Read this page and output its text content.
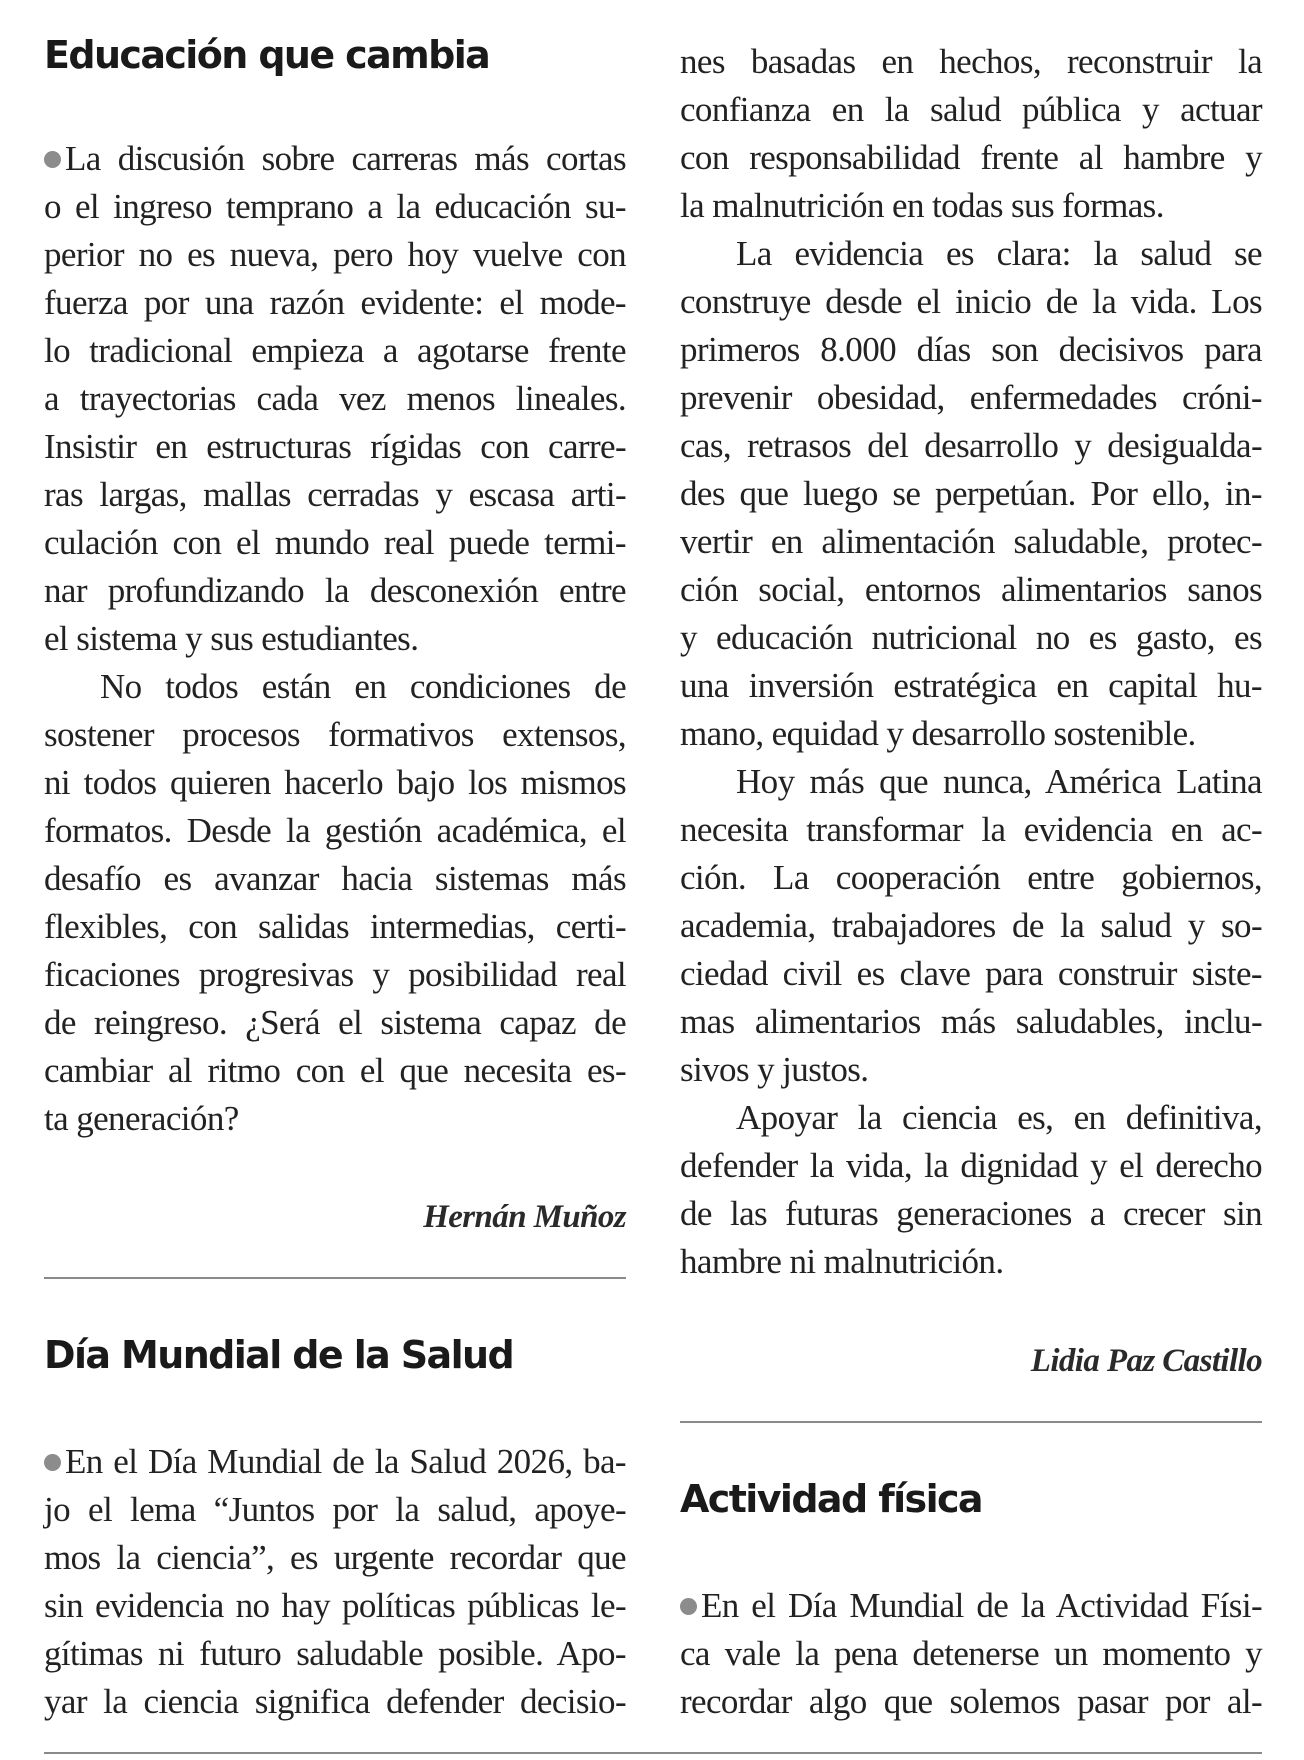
Educación que cambia
La discusión sobre carreras más cortas
o el ingreso temprano a la educación su-
perior no es nueva, pero hoy vuelve con
fuerza por una razón evidente: el mode-
lo tradicional empieza a agotarse frente
a trayectorias cada vez menos lineales.
Insistir en estructuras rígidas con carre-
ras largas, mallas cerradas y escasa arti-
culación con el mundo real puede termi-
nar profundizando la desconexión entre
el sistema y sus estudiantes.
No todos están en condiciones de
sostener procesos formativos extensos,
ni todos quieren hacerlo bajo los mismos
formatos. Desde la gestión académica, el
desafío es avanzar hacia sistemas más
flexibles, con salidas intermedias, certi-
ficaciones progresivas y posibilidad real
de reingreso. ¿Será el sistema capaz de
cambiar al ritmo con el que necesita es-
ta generación?
Hernán Muñoz
Día Mundial de la Salud
En el Día Mundial de la Salud 2026, ba-
jo el lema “Juntos por la salud, apoye-
mos la ciencia”, es urgente recordar que
sin evidencia no hay políticas públicas le-
gítimas ni futuro saludable posible. Apo-
yar la ciencia significa defender decisio-
nes basadas en hechos, reconstruir la
confianza en la salud pública y actuar
con responsabilidad frente al hambre y
la malnutrición en todas sus formas.
La evidencia es clara: la salud se
construye desde el inicio de la vida. Los
primeros 8.000 días son decisivos para
prevenir obesidad, enfermedades cróni-
cas, retrasos del desarrollo y desigualda-
des que luego se perpetúan. Por ello, in-
vertir en alimentación saludable, protec-
ción social, entornos alimentarios sanos
y educación nutricional no es gasto, es
una inversión estratégica en capital hu-
mano, equidad y desarrollo sostenible.
Hoy más que nunca, América Latina
necesita transformar la evidencia en ac-
ción. La cooperación entre gobiernos,
academia, trabajadores de la salud y so-
ciedad civil es clave para construir siste-
mas alimentarios más saludables, inclu-
sivos y justos.
Apoyar la ciencia es, en definitiva,
defender la vida, la dignidad y el derecho
de las futuras generaciones a crecer sin
hambre ni malnutrición.
Lidia Paz Castillo
Actividad física
En el Día Mundial de la Actividad Físi-
ca vale la pena detenerse un momento y
recordar algo que solemos pasar por al-
